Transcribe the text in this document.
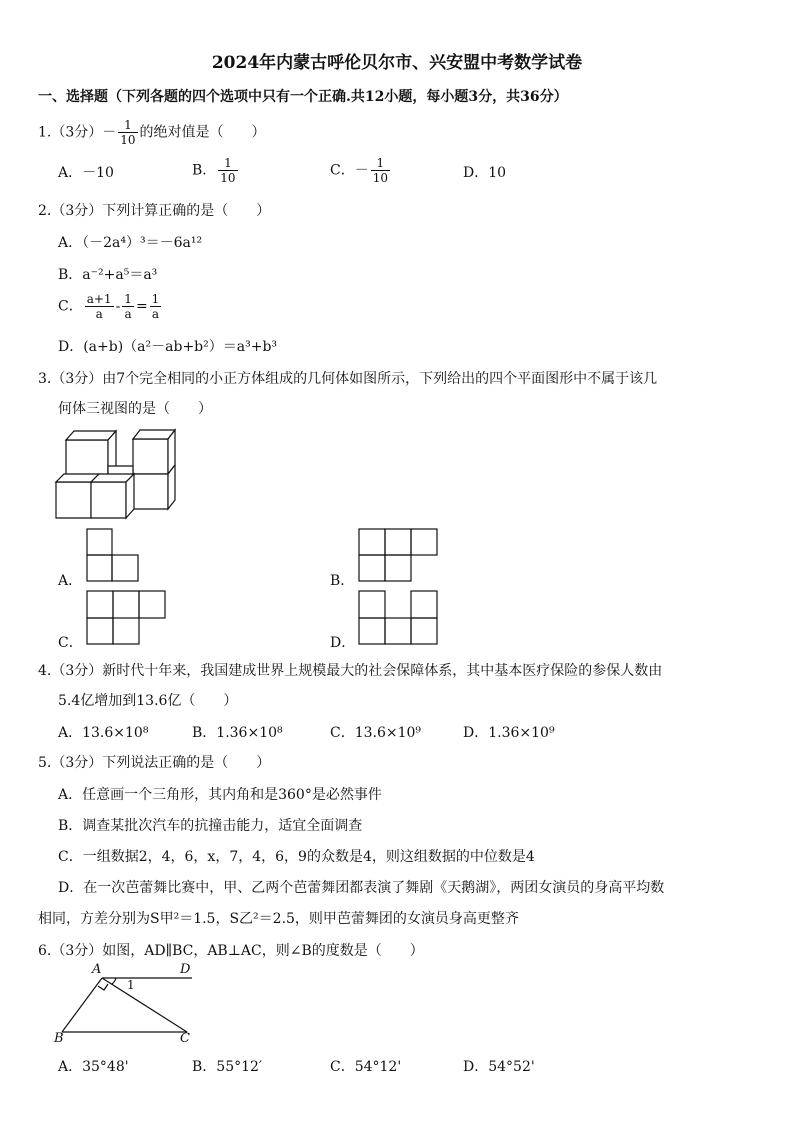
2024年内蒙古呼伦贝尔市、兴安盟中考数学试卷
一、选择题（下列各题的四个选项中只有一个正确.共12小题，每小题3分，共36分）
1.（3分）－ $\frac{1}{10}$ 的绝对值是（　　）
A．－10	B． $\frac{1}{10}$	C．－ $\frac{1}{10}$	D．10
2.（3分）下列计算正确的是（　　）
A．（－2a⁴）³＝－6a¹²
B．a⁻²+a⁵＝a³
C． $\frac{a+1}{a} - \frac{1}{a} = \frac{1}{a}$
D．(a+b)（a²－ab+b²）＝a³+b³
3.（3分）由7个完全相同的小正方体组成的几何体如图所示，下列给出的四个平面图形中不属于该几
何体三视图的是（　　）
A．	B．
C．	D．
4.（3分）新时代十年来，我国建成世界上规模最大的社会保障体系，其中基本医疗保险的参保人数由
5.4亿增加到13.6亿（　　）
A．13.6×10⁸	B．1.36×10⁸	C．13.6×10⁹	D．1.36×10⁹
5.（3分）下列说法正确的是（　　）
A．任意画一个三角形，其内角和是360°是必然事件
B．调查某批次汽车的抗撞击能力，适宜全面调查
C．一组数据2，4，6，x，7，4，6，9的众数是4，则这组数据的中位数是4
D．在一次芭蕾舞比赛中，甲、乙两个芭蕾舞团都表演了舞剧《天鹅湖》，两团女演员的身高平均数
相同，方差分别为S甲²＝1.5，S乙²＝2.5，则甲芭蕾舞团的女演员身高更整齐
6.（3分）如图，AD∥BC，AB⊥AC，则∠B的度数是（　　）
A	D
1
B	C
A．35°48'	B．55°12′	C．54°12'	D．54°52'
